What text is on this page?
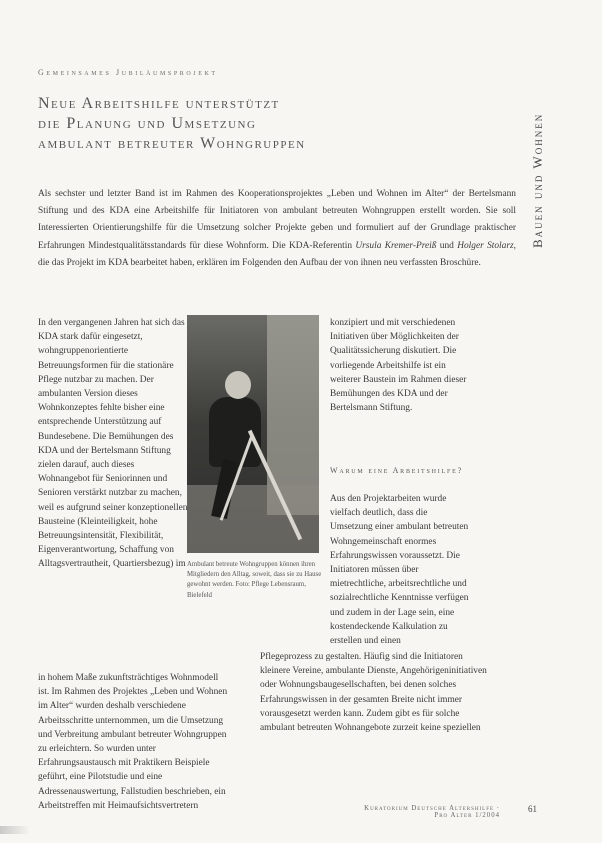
Gemeinsames Jubiläumsprojekt
Neue Arbeitshilfe unterstützt
die Planung und Umsetzung
ambulant betreuter Wohngruppen	Bauen und Wohnen
Als sechster und letzter Band ist im Rahmen des Kooperationsprojektes „Leben und Wohnen im Alter“ der Bertelsmann Stiftung und des KDA eine Arbeitshilfe für Initiatoren von ambulant betreuten Wohngruppen erstellt worden. Sie soll Interessierten Orientierungshilfe für die Umsetzung solcher Projekte geben und formuliert auf der Grundlage praktischer Erfahrungen Mindestqualitätsstandards für diese Wohnform. Die KDA-Referentin Ursula Kremer-Preiß und Holger Stolarz, die das Projekt im KDA bearbeitet haben, erklären im Folgenden den Aufbau der von ihnen neu verfassten Broschüre.

In den vergangenen Jahren hat sich das KDA stark dafür eingesetzt, wohngruppenorientierte Betreuungsformen für die stationäre Pflege nutzbar zu machen. Der ambulanten Version dieses Wohnkonzeptes fehlte bisher eine entsprechende Unterstützung auf Bundesebene. Die Bemühungen des KDA und der Bertelsmann Stiftung zielen darauf, auch dieses Wohnangebot für Seniorinnen und Senioren verstärkt nutzbar zu machen, weil es aufgrund seiner konzeptionellen Bausteine (Kleinteiligkeit, hohe Betreuungsintensität, Flexibilität, Eigenverantwortung, Schaffung von Alltagsvertrautheit, Quartiersbezug) im Ambulant betreute Wohngruppen können ihren Mitgliedern den Alltag, soweit, dass sie zu Hause gewohnt werden. Foto: Pflege Lebensraum, Bielefeld

konzipiert und mit verschiedenen Initiativen über Möglichkeiten der Qualitätssicherung diskutiert. Die vorliegende Arbeitshilfe ist ein weiterer Baustein im Rahmen dieser Bemühungen des KDA und der Bertelsmann Stiftung.

Warum eine Arbeitshilfe?

Aus den Projektarbeiten wurde vielfach deutlich, dass die Umsetzung einer ambulant betreuten Wohngemeinschaft enormes Erfahrungswissen voraussetzt. Die Initiatoren müssen über mietrechtliche, arbeitsrechtliche und sozialrechtliche Kenntnisse verfügen und zudem in der Lage sein, eine kostendeckende Kalkulation zu erstellen und einen

in hohem Maße zukunftsträchtiges Wohnmodell ist. Im Rahmen des Projektes „Leben und Wohnen im Alter“ wurden deshalb verschiedene Arbeitsschritte unternommen, um die Umsetzung und Verbreitung ambulant betreuter Wohngruppen zu erleichtern. So wurden unter Erfahrungsaustausch mit Praktikern Beispiele geführt, eine Pilotstudie und eine Adressenauswertung, Fallstudien beschrieben, ein Arbeitstreffen mit Heimaufsichtsvertretern

Pflegeprozess zu gestalten. Häufig sind die Initiatoren kleinere Vereine, ambulante Dienste, Angehörigeninitiativen oder Wohnungsbaugesellschaften, bei denen solches Erfahrungswissen in der gesamten Breite nicht immer vorausgesetzt werden kann. Zudem gibt es für solche ambulant betreuten Wohnangebote zurzeit keine speziellen

Kuratorium Deutsche Altershilfe · Pro Alter 1/2004
61
